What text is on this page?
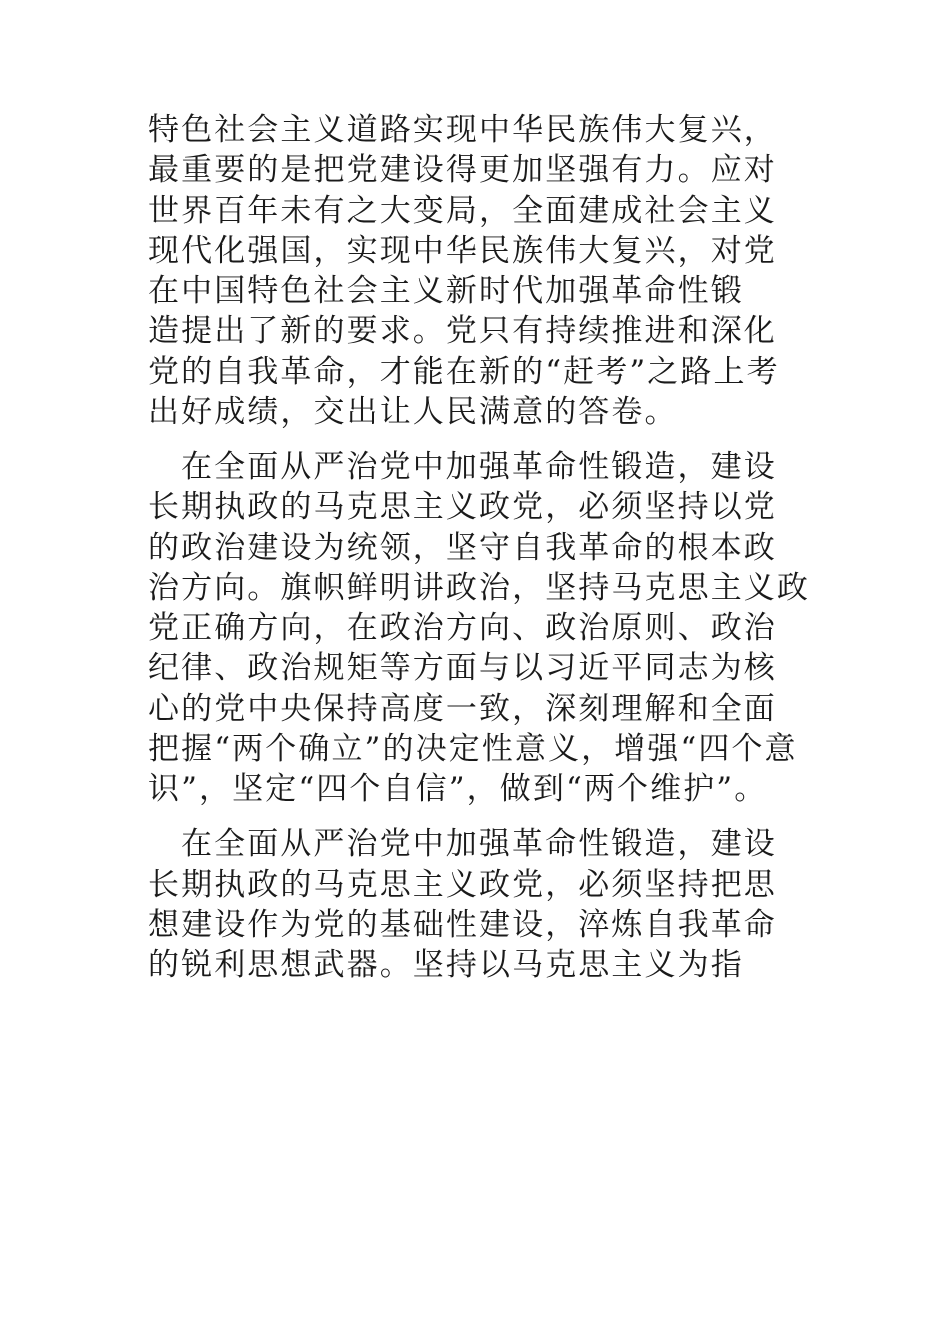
特色社会主义道路实现中华民族伟大复兴，
最重要的是把党建设得更加坚强有力。应对
世界百年未有之大变局，全面建成社会主义
现代化强国，实现中华民族伟大复兴，对党
在中国特色社会主义新时代加强革命性锻
造提出了新的要求。党只有持续推进和深化
党的自我革命，才能在新的“赶考”之路上考
出好成绩，交出让人民满意的答卷。

在全面从严治党中加强革命性锻造，建设
长期执政的马克思主义政党，必须坚持以党
的政治建设为统领，坚守自我革命的根本政
治方向。旗帜鲜明讲政治，坚持马克思主义政
党正确方向，在政治方向、政治原则、政治
纪律、政治规矩等方面与以习近平同志为核
心的党中央保持高度一致，深刻理解和全面
把握“两个确立”的决定性意义，增强“四个意
识”，坚定“四个自信”，做到“两个维护”。

在全面从严治党中加强革命性锻造，建设
长期执政的马克思主义政党，必须坚持把思
想建设作为党的基础性建设，淬炼自我革命
的锐利思想武器。坚持以马克思主义为指
